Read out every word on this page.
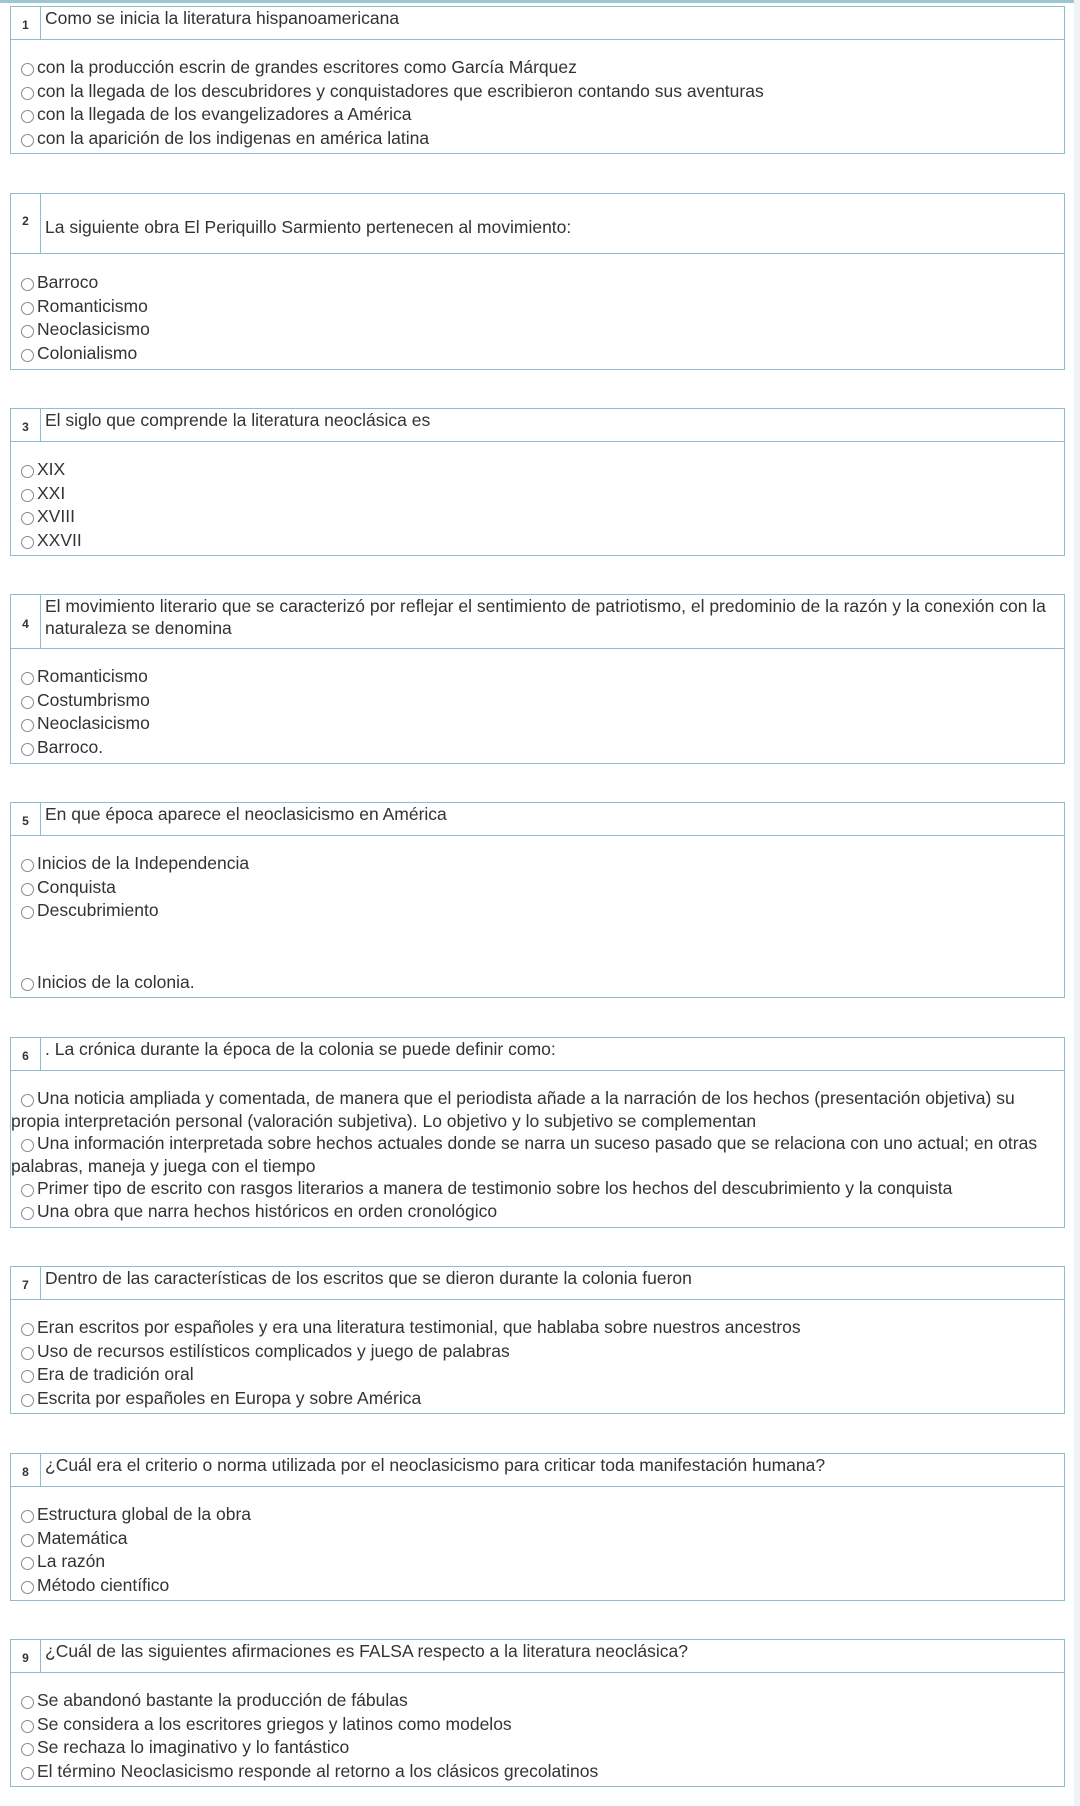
1 Como se inicia la literatura hispanoamericana
con la producción escrin de grandes escritores como García Márquez
con la llegada de los descubridores y conquistadores que escribieron contando sus aventuras
con la llegada de los evangelizadores a América
con la aparición de los indigenas en américa latina
2 La siguiente obra El Periquillo Sarmiento pertenecen al movimiento:
Barroco
Romanticismo
Neoclasicismo
Colonialismo
3 El siglo que comprende la literatura neoclásica es
XIX
XXI
XVIII
XXVII
4
El movimiento literario que se caracterizó por reflejar el sentimiento de patriotismo, el predominio de la razón y la conexión con la naturaleza se denomina
Romanticismo
Costumbrismo
Neoclasicismo
Barroco.
5 En que época aparece el neoclasicismo en América
Inicios de la Independencia
Conquista
Descubrimiento
Inicios de la colonia.
6 . La crónica durante la época de la colonia se puede definir como:
Una noticia ampliada y comentada, de manera que el periodista añade a la narración de los hechos (presentación objetiva) su propia interpretación personal (valoración subjetiva). Lo objetivo y lo subjetivo se complementan
Una información interpretada sobre hechos actuales donde se narra un suceso pasado que se relaciona con uno actual; en otras palabras, maneja y juega con el tiempo
Primer tipo de escrito con rasgos literarios a manera de testimonio sobre los hechos del descubrimiento y la conquista
Una obra que narra hechos históricos en orden cronológico
7 Dentro de las características de los escritos que se dieron durante la colonia fueron
Eran escritos por españoles y era una literatura testimonial, que hablaba sobre nuestros ancestros
Uso de recursos estilísticos complicados y juego de palabras
Era de tradición oral
Escrita por españoles en Europa y sobre América
8 ¿Cuál era el criterio o norma utilizada por el neoclasicismo para criticar toda manifestación humana?
Estructura global de la obra
Matemática
La razón
Método científico
9 ¿Cuál de las siguientes afirmaciones es FALSA respecto a la literatura neoclásica?
Se abandonó bastante la producción de fábulas
Se considera a los escritores griegos y latinos como modelos
Se rechaza lo imaginativo y lo fantástico
El término Neoclasicismo responde al retorno a los clásicos grecolatinos
